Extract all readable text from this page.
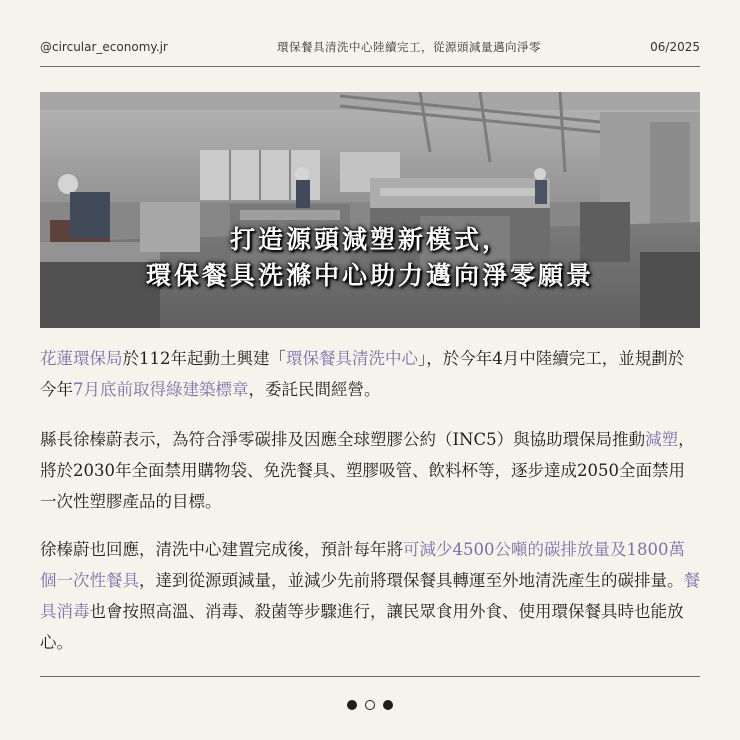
@circular_economy.jr	環保餐具清洗中心陸續完工，從源頭減量邁向淨零	06/2025
打造源頭減塑新模式，
環保餐具洗滌中心助力邁向淨零願景
花蓮環保局於112年起動土興建「環保餐具清洗中心」，於今年4月中陸續完工，並規劃於今年7月底前取得綠建築標章，委託民間經營。
縣長徐榛蔚表示，為符合淨零碳排及因應全球塑膠公約（INC5）與協助環保局推動減塑，將於2030年全面禁用購物袋、免洗餐具、塑膠吸管、飲料杯等，逐步達成2050全面禁用一次性塑膠產品的目標。
徐榛蔚也回應，清洗中心建置完成後，預計每年將可減少4500公噸的碳排放量及1800萬個一次性餐具，達到從源頭減量，並減少先前將環保餐具轉運至外地清洗產生的碳排量。餐具消毒也會按照高溫、消毒、殺菌等步驟進行，讓民眾食用外食、使用環保餐具時也能放心。
